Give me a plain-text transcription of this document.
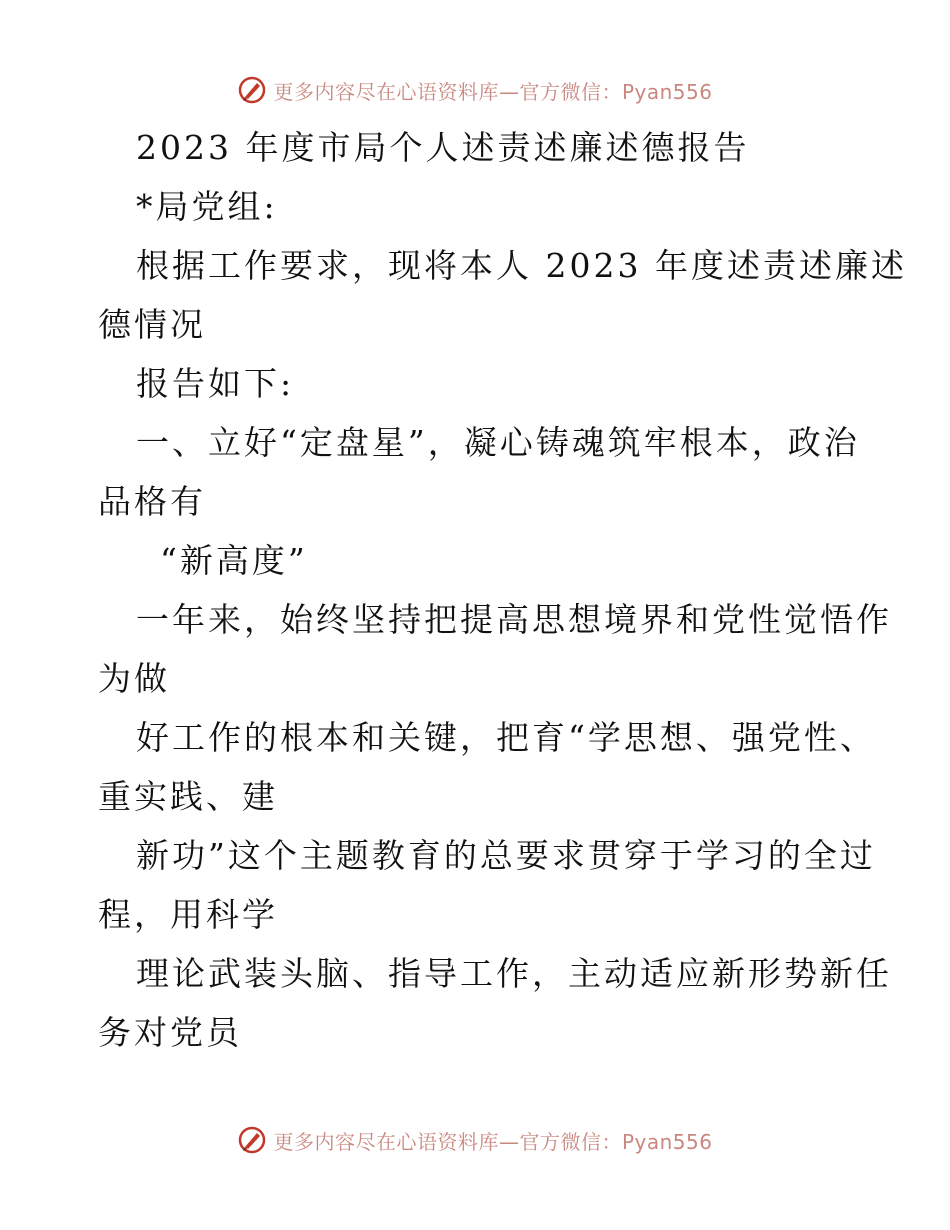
更多内容尽在心语资料库—官方微信：Pyan556
2023 年度市局个人述责述廉述德报告
*局党组:
根据工作要求，现将本人 2023 年度述责述廉述
德情况
报告如下:
一、立好“定盘星”，凝心铸魂筑牢根本，政治
品格有
“新高度”
一年来，始终坚持把提高思想境界和党性觉悟作
为做
好工作的根本和关键，把育“学思想、强党性、
重实践、建
新功”这个主题教育的总要求贯穿于学习的全过
程，用科学
理论武装头脑、指导工作，主动适应新形势新任
务对党员
更多内容尽在心语资料库—官方微信：Pyan556
